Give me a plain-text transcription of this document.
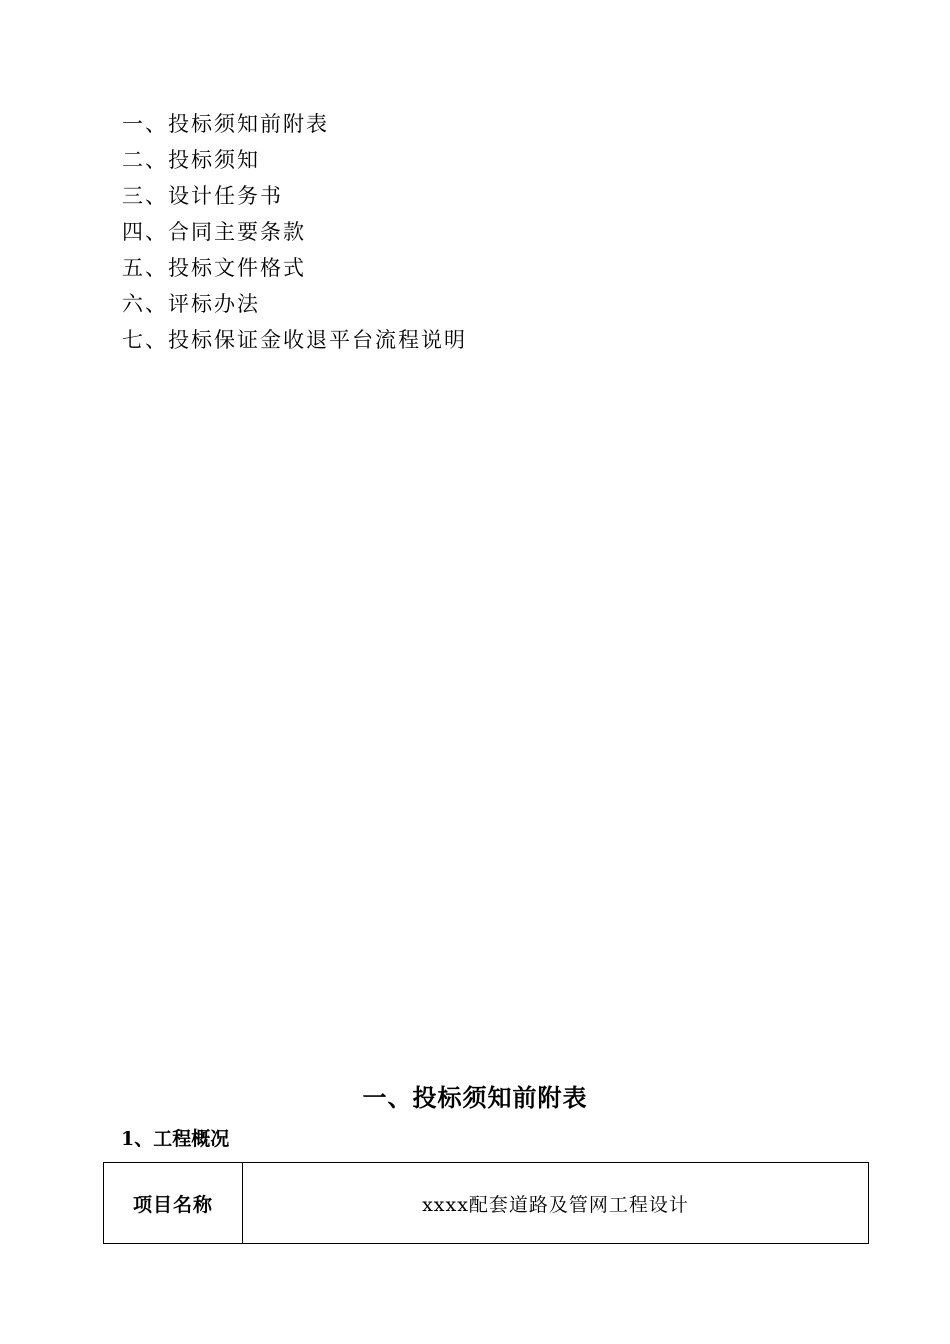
一、投标须知前附表
二、投标须知
三、设计任务书
四、合同主要条款
五、投标文件格式
六、评标办法
七、投标保证金收退平台流程说明
一、投标须知前附表
1、工程概况
项目名称	xxxx配套道路及管网工程设计
